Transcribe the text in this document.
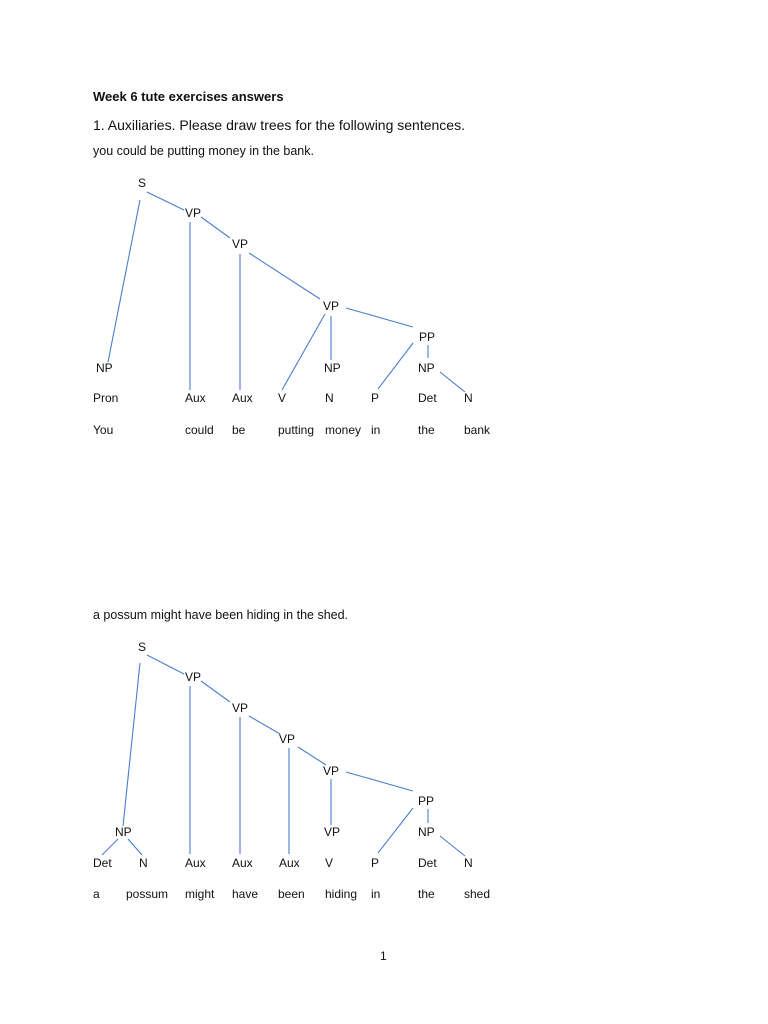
Week 6 tute exercises answers
1. Auxiliaries. Please draw trees for the following sentences.
you could be putting money in the bank.
S
VP
VP
VP
PP
NP	NP	NP
Pron	Aux Aux V	N	P	Det N
You	could be	putting money in	the bank
a possum might have been hiding in the shed.
S
VP
VP
VP
VP
PP
NP	VP	NP
Det N	Aux Aux Aux V	P	Det N
a possum might have been hiding in	the shed
1
